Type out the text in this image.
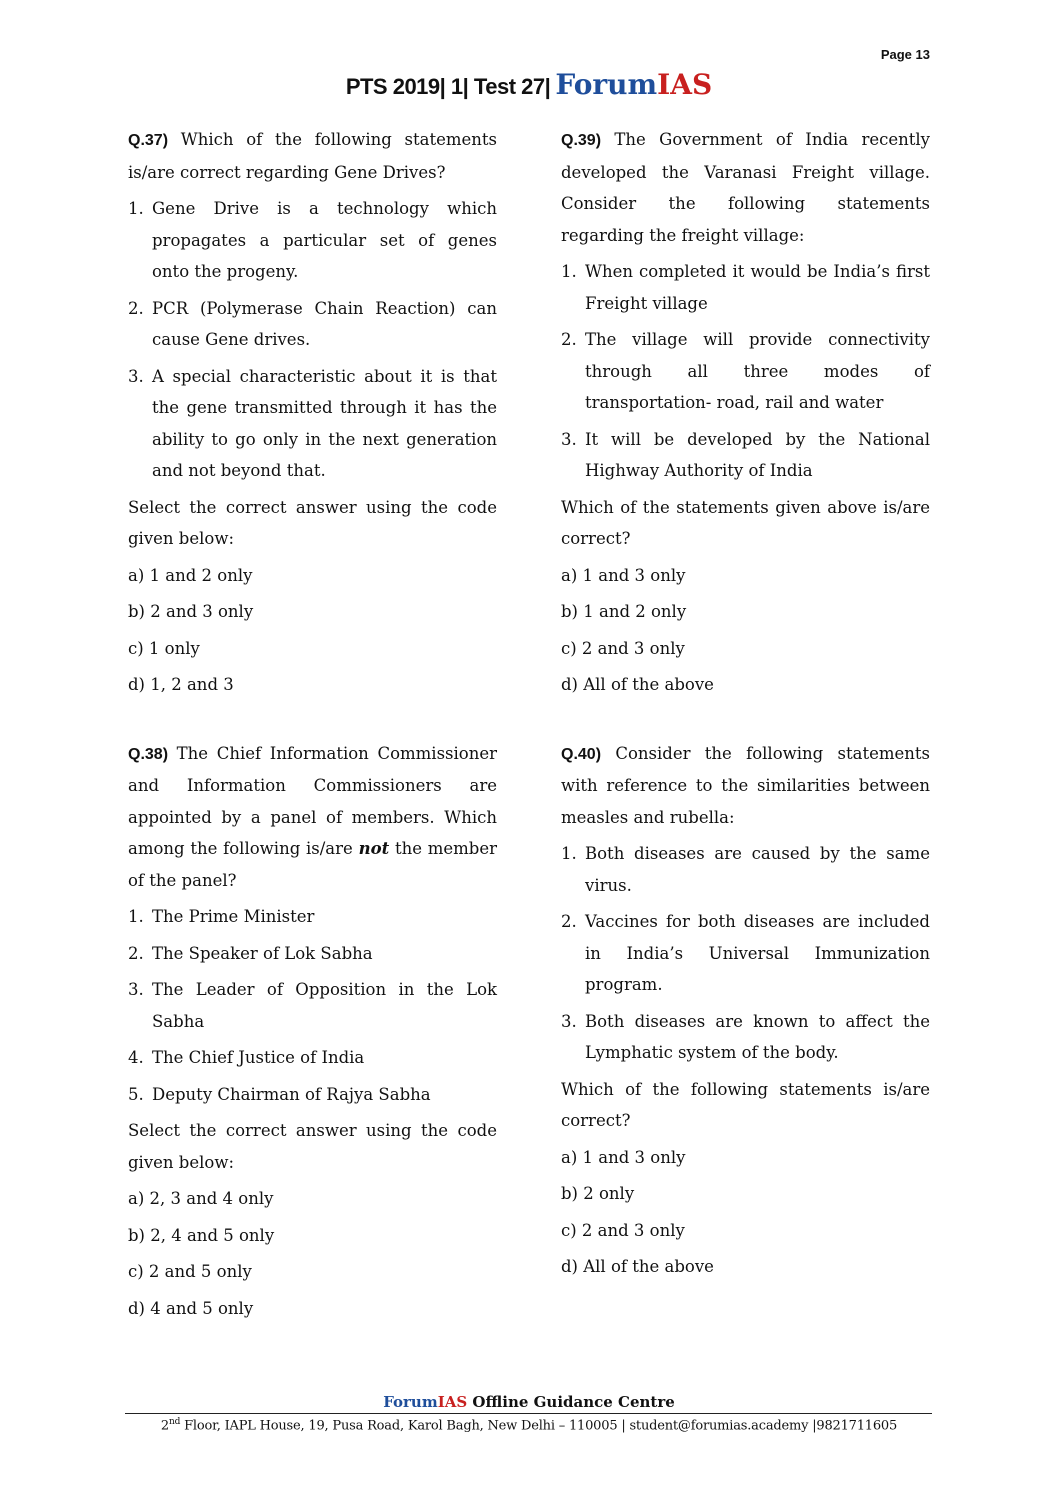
Page 13
PTS 2019| 1| Test 27| ForumIAS
Q.37) Which of the following statements is/are correct regarding Gene Drives?
1. Gene Drive is a technology which propagates a particular set of genes onto the progeny.
2. PCR (Polymerase Chain Reaction) can cause Gene drives.
3. A special characteristic about it is that the gene transmitted through it has the ability to go only in the next generation and not beyond that.
Select the correct answer using the code given below:
a) 1 and 2 only
b) 2 and 3 only
c) 1 only
d) 1, 2 and 3
Q.38) The Chief Information Commissioner and Information Commissioners are appointed by a panel of members. Which among the following is/are not the member of the panel?
1. The Prime Minister
2. The Speaker of Lok Sabha
3. The Leader of Opposition in the Lok Sabha
4. The Chief Justice of India
5. Deputy Chairman of Rajya Sabha
Select the correct answer using the code given below:
a) 2, 3 and 4 only
b) 2, 4 and 5 only
c) 2 and 5 only
d) 4 and 5 only
Q.39) The Government of India recently developed the Varanasi Freight village. Consider the following statements regarding the freight village:
1. When completed it would be India’s first Freight village
2. The village will provide connectivity through all three modes of transportation- road, rail and water
3. It will be developed by the National Highway Authority of India
Which of the statements given above is/are correct?
a) 1 and 3 only
b) 1 and 2 only
c) 2 and 3 only
d) All of the above
Q.40) Consider the following statements with reference to the similarities between measles and rubella:
1. Both diseases are caused by the same virus.
2. Vaccines for both diseases are included in India’s Universal Immunization program.
3. Both diseases are known to affect the Lymphatic system of the body.
Which of the following statements is/are correct?
a) 1 and 3 only
b) 2 only
c) 2 and 3 only
d) All of the above
ForumIAS Offline Guidance Centre
2nd Floor, IAPL House, 19, Pusa Road, Karol Bagh, New Delhi – 110005 | student@forumias.academy |9821711605
